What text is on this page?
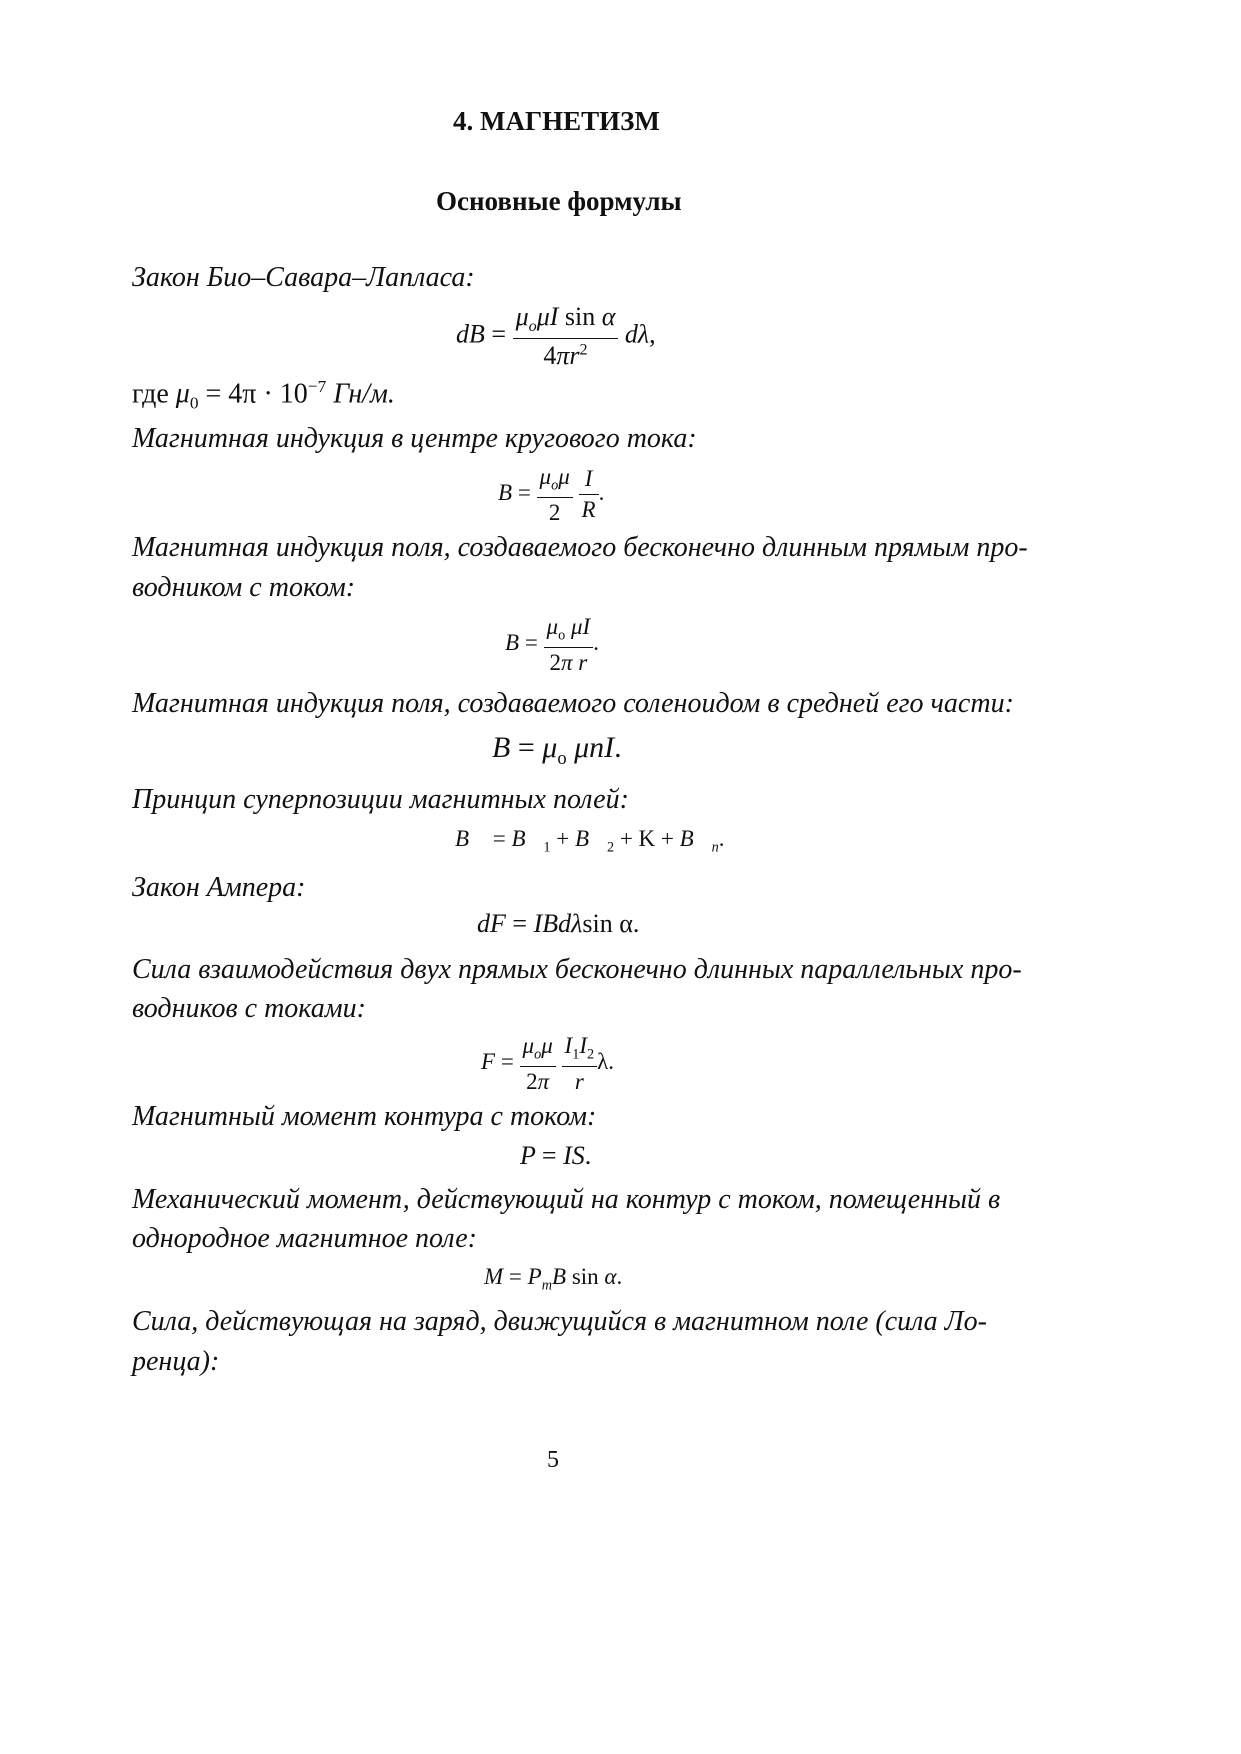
4. МАГНЕТИЗМ
Основные формулы
Закон Био–Савара–Лапласа:
dB = $\frac{\mu_o\mu I \sin \alpha}{4\pi r^2} d\lambda$,
где $\mu_0 = 4\pi \cdot 10^{-7}$ Гн/м.
Магнитная индукция в центре кругового тока:
$B = \frac{\mu_o\mu}{2}$
$\frac{I}{R}$ .
Магнитная индукция поля, создаваемого бесконечно длинным прямым про-
водником с током:
$B = \frac{\mu_o \mu I}{\text{2π r}}$ .
Магнитная индукция поля, создаваемого соленоидом в средней его части:
$B = \mu_o$ μnI.
Принцип суперпозиции магнитных полей:
B⃗ = $B⃗_1$ + $B⃗_2 + K$ + $B⃗_n$.
Закон Ампера:
dF = IBdλsin α.
Сила взаимодействия двух прямых бесконечно длинных параллельных про-
водников с токами:
$F = \frac{\mu_o\mu}{2\pi}$
$\frac{I_1I_2}{r} \lambda$.
Магнитный момент контура с током:
P = IS.
Механический момент, действующий на контур с током, помещенный в
однородное магнитное поле:
$M = P_mB$ sin α.
Сила, действующая на заряд, движущийся в магнитном поле (сила Ло-
ренца):
5
